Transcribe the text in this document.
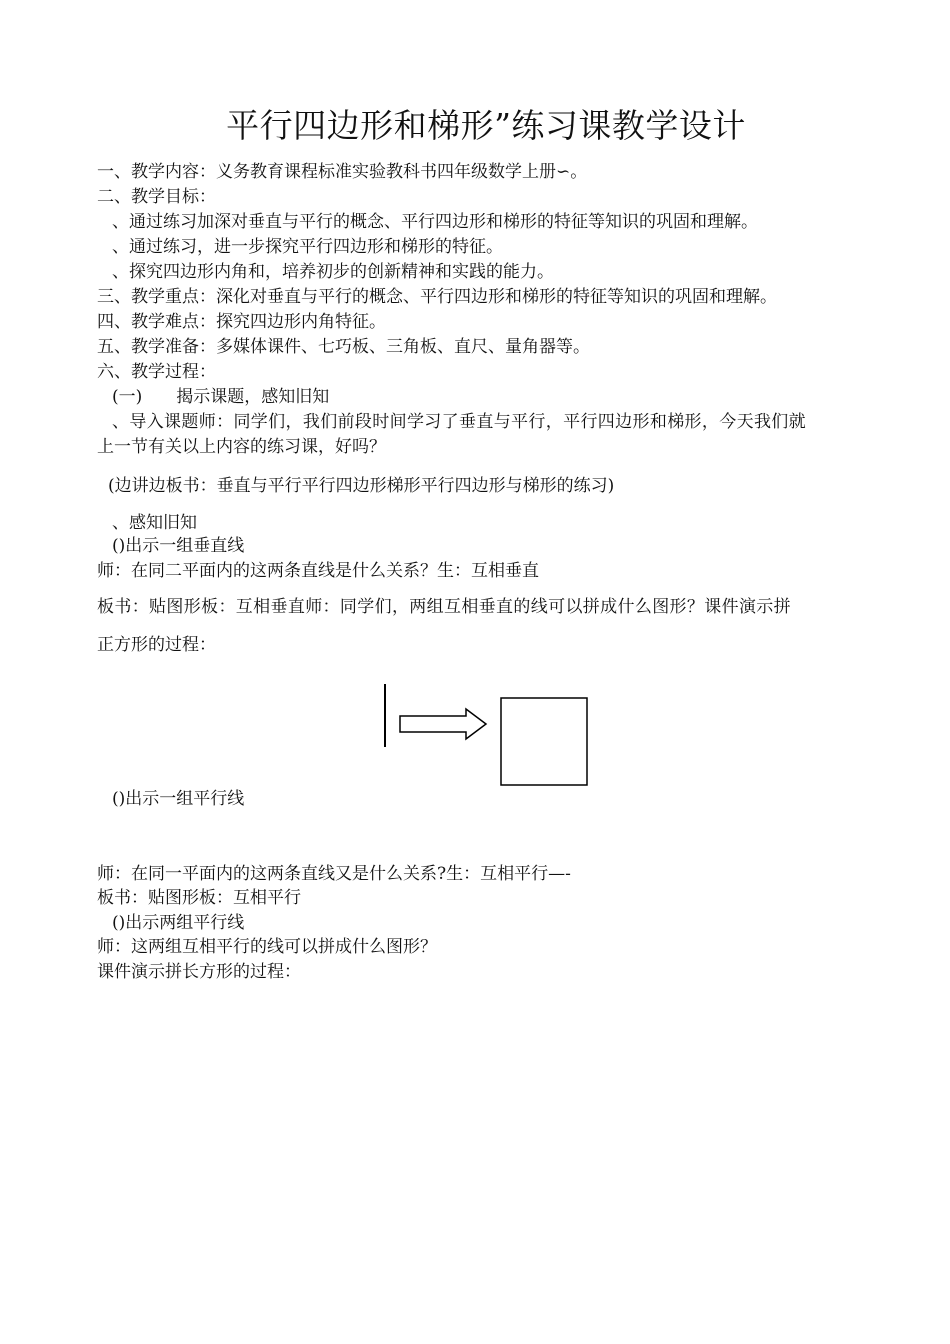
平行四边形和梯形”练习课教学设计
一、教学内容：义务教育课程标准实验教科书四年级数学上册∽。
二、教学目标：
、通过练习加深对垂直与平行的概念、平行四边形和梯形的特征等知识的巩固和理解。
、通过练习，进一步探究平行四边形和梯形的特征。
、探究四边形内角和，培养初步的创新精神和实践的能力。
三、教学重点：深化对垂直与平行的概念、平行四边形和梯形的特征等知识的巩固和理解。
四、教学难点：探究四边形内角特征。
五、教学准备：多媒体课件、七巧板、三角板、直尺、量角器等。
六、教学过程：
(一)　　揭示课题，感知旧知
、导入课题师：同学们，我们前段时间学习了垂直与平行，平行四边形和梯形，今天我们就
上一节有关以上内容的练习课，好吗？
(边讲边板书：垂直与平行平行四边形梯形平行四边形与梯形的练习)
、感知旧知
()出示一组垂直线
师：在同二平面内的这两条直线是什么关系？生：互相垂直
板书：贴图形板：互相垂直师：同学们，两组互相垂直的线可以拼成什么图形？课件演示拼
正方形的过程：
()出示一组平行线
师：在同一平面内的这两条直线又是什么关系?生：互相平行—-
板书：贴图形板：互相平行
()出示两组平行线
师：这两组互相平行的线可以拼成什么图形？
课件演示拼长方形的过程：
